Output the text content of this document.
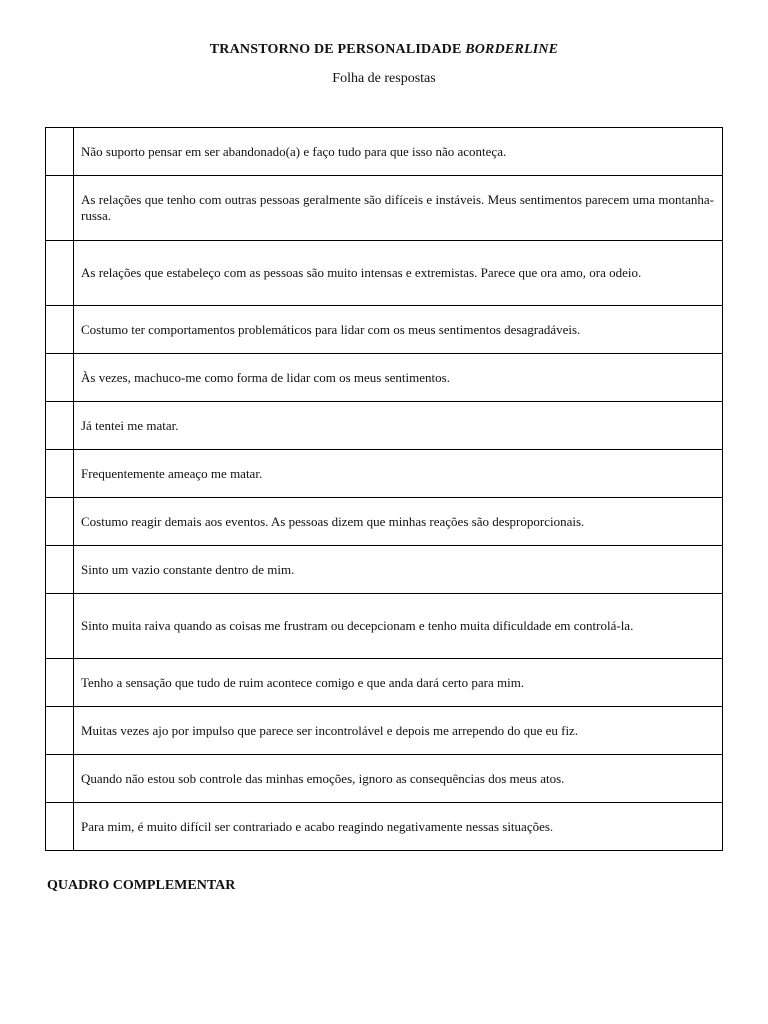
TRANSTORNO DE PERSONALIDADE BORDERLINE
Folha de respostas
	Não suporto pensar em ser abandonado(a) e faço tudo para que isso não aconteça.
	As relações que tenho com outras pessoas geralmente são difíceis e instáveis. Meus sentimentos parecem uma montanha-russa.
	As relações que estabeleço com as pessoas são muito intensas e extremistas. Parece que ora amo, ora odeio.
	Costumo ter comportamentos problemáticos para lidar com os meus sentimentos desagradáveis.
	Às vezes, machuco-me como forma de lidar com os meus sentimentos.
	Já tentei me matar.
	Frequentemente ameaço me matar.
	Costumo reagir demais aos eventos. As pessoas dizem que minhas reações são desproporcionais.
	Sinto um vazio constante dentro de mim.
	Sinto muita raiva quando as coisas me frustram ou decepcionam e tenho muita dificuldade em controlá-la.
	Tenho a sensação que tudo de ruim acontece comigo e que anda dará certo para mim.
	Muitas vezes ajo por impulso que parece ser incontrolável e depois me arrependo do que eu fiz.
	Quando não estou sob controle das minhas emoções, ignoro as consequências dos meus atos.
	Para mim, é muito difícil ser contrariado e acabo reagindo negativamente nessas situações.
QUADRO COMPLEMENTAR
